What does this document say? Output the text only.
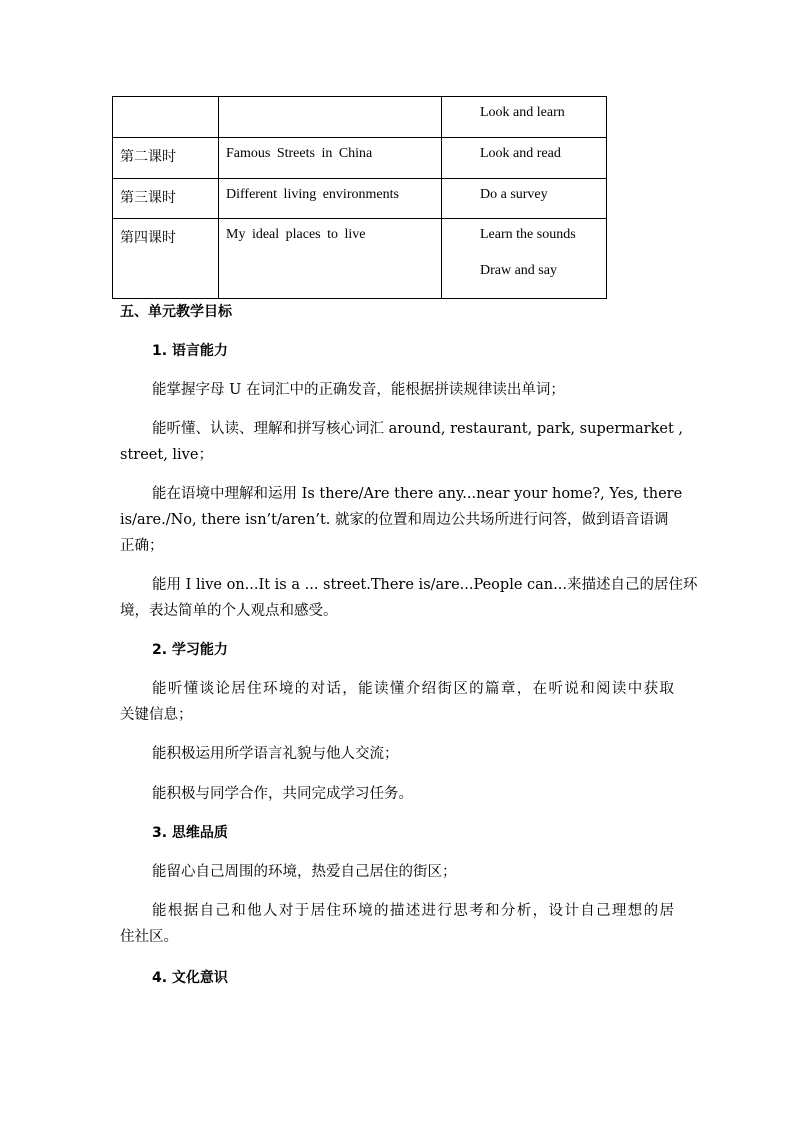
		Look and learn

第二课时	Famous Streets in China	Look and read

第三课时	Different living environments	Do a survey

第四课时	My ideal places to live	Learn the sounds
Draw and say
五、单元教学目标
1. 语言能力
能掌握字母 U 在词汇中的正确发音，能根据拼读规律读出单词；
能听懂、认读、理解和拼写核心词汇 around, restaurant, park, supermarket ,
street, live；
能在语境中理解和运用 Is there/Are there any...near your home?, Yes, there
is/are./No, there isn’t/aren’t. 就家的位置和周边公共场所进行问答，做到语音语调
正确；
能用 I live on...It is a ... street.There is/are...People can...来描述自己的居住环
境，表达简单的个人观点和感受。
2. 学习能力
能听懂谈论居住环境的对话，能读懂介绍街区的篇章，在听说和阅读中获取
关键信息；
能积极运用所学语言礼貌与他人交流；
能积极与同学合作，共同完成学习任务。
3. 思维品质
能留心自己周围的环境，热爱自己居住的街区；
能根据自己和他人对于居住环境的描述进行思考和分析，设计自己理想的居
住社区。
4. 文化意识
